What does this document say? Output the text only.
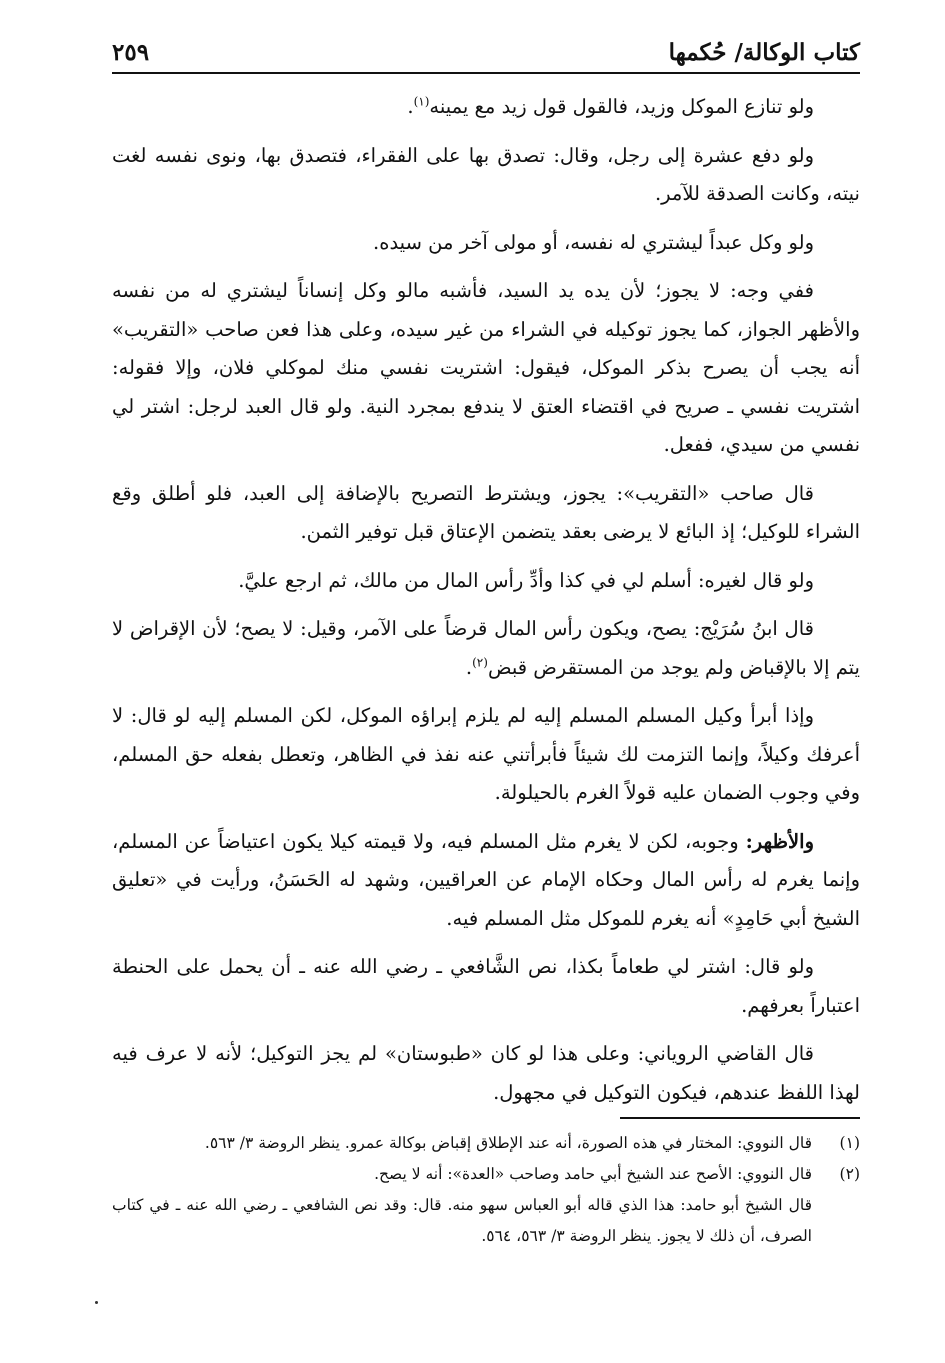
كتاب الوكالة/ حُكمها
٢٥٩

ولو تنازع الموكل وزيد، فالقول قول زيد مع يمينه$^{(١)}$.

ولو دفع عشرة إلى رجل، وقال: تصدق بها على الفقراء، فتصدق بها، ونوى نفسه لغت نيته، وكانت الصدقة للآمر.

ولو وكل عبداً ليشتري له نفسه، أو مولى آخر من سيده.

ففي وجه: لا يجوز؛ لأن يده يد السيد، فأشبه مالو وكل إنساناً ليشتري له من نفسه والأظهر الجواز، كما يجوز توكيله في الشراء من غير سيده، وعلى هذا فعن صاحب «التقريب» أنه يجب أن يصرح بذكر الموكل، فيقول: اشتريت نفسي منك لموكلي فلان، وإلا فقوله: اشتريت نفسي ـ صريح في اقتضاء العتق لا يندفع بمجرد النية. ولو قال العبد لرجل: اشتر لي نفسي من سيدي، ففعل.

قال صاحب «التقريب»: يجوز، ويشترط التصريح بالإضافة إلى العبد، فلو أطلق وقع الشراء للوكيل؛ إذ البائع لا يرضى بعقد يتضمن الإعتاق قبل توفير الثمن.

ولو قال لغيره: أسلم لي في كذا وأدِّ رأس المال من مالك، ثم ارجع عليَّ.

قال ابنُ سُرَيْج: يصح، ويكون رأس المال قرضاً على الآمر، وقيل: لا يصح؛ لأن الإقراض لا يتم إلا بالإقباض ولم يوجد من المستقرض قبض$^{(٢)}$.

وإذا أبرأ وكيل المسلم المسلم إليه لم يلزم إبراؤه الموكل، لكن المسلم إليه لو قال: لا أعرفك وكيلاً، وإنما التزمت لك شيئاً فأبرأتني عنه نفذ في الظاهر، وتعطل بفعله حق المسلم، وفي وجوب الضمان عليه قولاً الغرم بالحيلولة.

والأظهر: وجوبه، لكن لا يغرم مثل المسلم فيه، ولا قيمته كيلا يكون اعتياضاً عن المسلم، وإنما يغرم له رأس المال وحكاه الإمام عن العراقيين، وشهد له الحَسَنُ، ورأيت في «تعليق الشيخ أبي حَامِدٍ» أنه يغرم للموكل مثل المسلم فيه.

ولو قال: اشتر لي طعاماً بكذا، نص الشَّافعي ـ رضي الله عنه ـ أن يحمل على الحنطة اعتباراً بعرفهم.

قال القاضي الروياني: وعلى هذا لو كان «طبوستان» لم يجز التوكيل؛ لأنه لا عرف فيه لهذا اللفظ عندهم، فيكون التوكيل في مجهول.

(١)
قال النووي: المختار في هذه الصورة، أنه عند الإطلاق إقباض بوكالة عمرو. ينظر الروضة ٣/ ٥٦٣.
(٢)
قال النووي: الأصح عند الشيخ أبي حامد وصاحب «العدة»: أنه لا يصح.
قال الشيخ أبو حامد: هذا الذي قاله أبو العباس سهو منه. قال: وقد نص الشافعي ـ رضي الله عنه ـ في كتاب الصرف، أن ذلك لا يجوز. ينظر الروضة ٣/ ٥٦٣، ٥٦٤.
